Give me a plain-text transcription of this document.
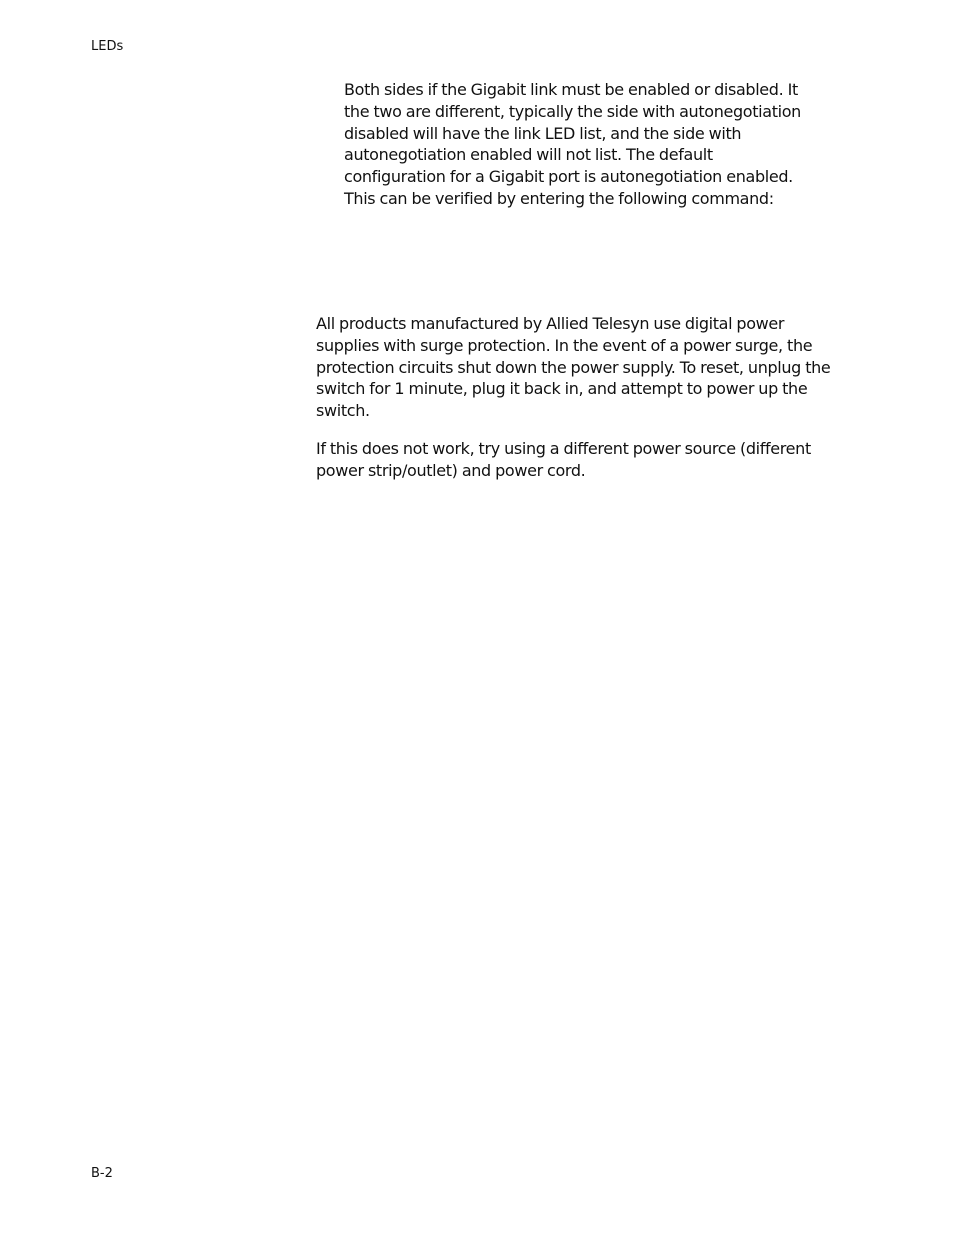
LEDs

Both sides if the Gigabit link must be enabled or disabled. It
the two are different, typically the side with autonegotiation
disabled will have the link LED list, and the side with
autonegotiation enabled will not list. The default
configuration for a Gigabit port is autonegotiation enabled.
This can be verified by entering the following command:

All products manufactured by Allied Telesyn use digital power
supplies with surge protection. In the event of a power surge, the
protection circuits shut down the power supply. To reset, unplug the
switch for 1 minute, plug it back in, and attempt to power up the
switch.

If this does not work, try using a different power source (different
power strip/outlet) and power cord.

B-2
